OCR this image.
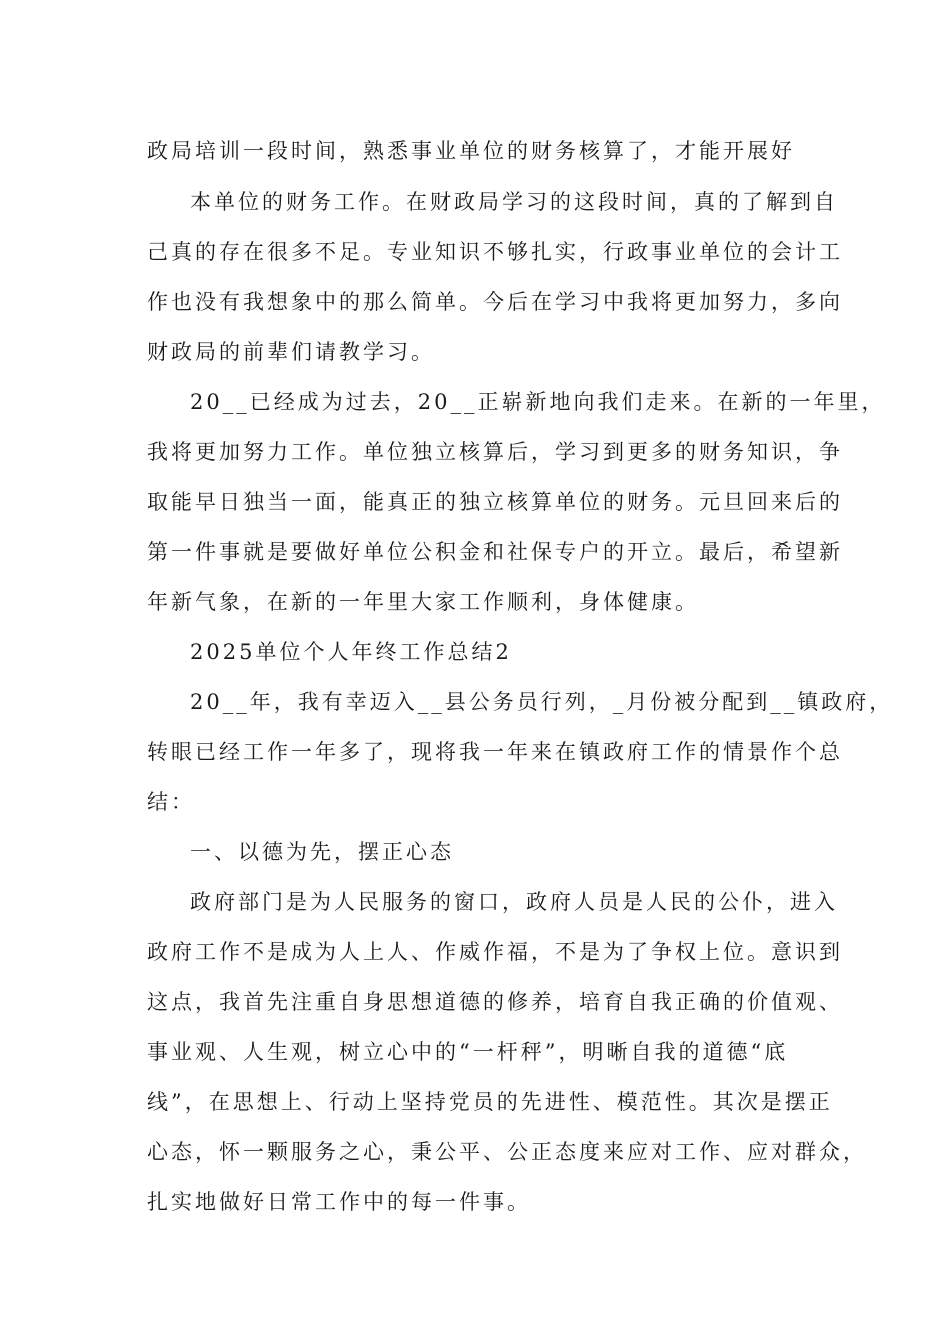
政局培训一段时间，熟悉事业单位的财务核算了，才能开展好
本单位的财务工作。在财政局学习的这段时间，真的了解到自
己真的存在很多不足。专业知识不够扎实，行政事业单位的会计工
作也没有我想象中的那么简单。今后在学习中我将更加努力，多向
财政局的前辈们请教学习。
20__已经成为过去，20__正崭新地向我们走来。在新的一年里，
我将更加努力工作。单位独立核算后，学习到更多的财务知识，争
取能早日独当一面，能真正的独立核算单位的财务。元旦回来后的
第一件事就是要做好单位公积金和社保专户的开立。最后，希望新
年新气象，在新的一年里大家工作顺利，身体健康。
2025单位个人年终工作总结2
20__年，我有幸迈入__县公务员行列，_月份被分配到__镇政府，
转眼已经工作一年多了，现将我一年来在镇政府工作的情景作个总
结：
一、以德为先，摆正心态
政府部门是为人民服务的窗口，政府人员是人民的公仆，进入
政府工作不是成为人上人、作威作福，不是为了争权上位。意识到
这点，我首先注重自身思想道德的修养，培育自我正确的价值观、
事业观、人生观，树立心中的“一杆秤”，明晰自我的道德“底
线”，在思想上、行动上坚持党员的先进性、模范性。其次是摆正
心态，怀一颗服务之心，秉公平、公正态度来应对工作、应对群众，
扎实地做好日常工作中的每一件事。
